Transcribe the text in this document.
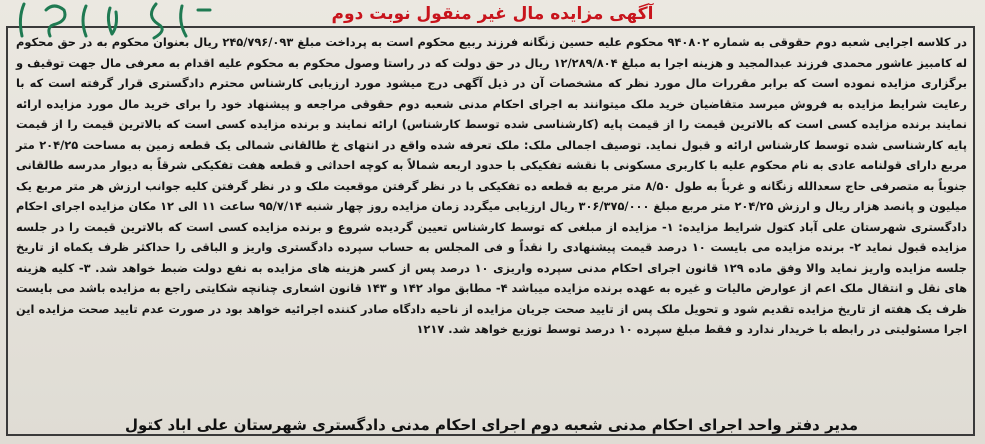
آگهی مزایده مال غیر منقول نوبت دوم
در کلاسه اجرایی شعبه دوم حقوقی به شماره ۹۴۰۸۰۲ محکوم علیه حسین زنگانه فرزند ربیع محکوم است به پرداخت مبلغ ۲۴۵/۷۹۶/۰۹۳ ریال بعنوان محکوم به در حق محکوم له کامبیز عاشور محمدی فرزند عبدالمجید و هزینه اجرا به مبلغ ۱۲/۲۸۹/۸۰۴ ریال در حق دولت که در راستا وصول محکوم به محکوم علیه اقدام به معرفی مال جهت توقیف و برگزاری مزایده نموده است که برابر مقررات مال مورد نظر که مشخصات آن در ذیل آگهی درج میشود مورد ارزیابی کارشناس محترم دادگستری قرار گرفته است که با رعایت شرایط مزایده به فروش میرسد متقاضیان خرید ملک میتوانند به اجرای احکام مدنی شعبه دوم حقوقی مراجعه و پیشنهاد خود را برای خرید مال مورد مزایده ارائه نمایند برنده مزایده کسی است که بالاترین قیمت را از قیمت پایه (کارشناسی شده توسط کارشناس) ارائه نمایند و برنده مزایده کسی است که بالاترین قیمت را از قیمت پایه کارشناسی شده توسط کارشناس ارائه و قبول نماید. توصیف اجمالی ملک: ملک تعرفه شده واقع در انتهای خ طالقانی شمالی یک قطعه زمین به مساحت ۲۰۴/۲۵ متر مربع دارای قولنامه عادی به نام محکوم علیه با کاربری مسکونی با نقشه تفکیکی با حدود اربعه شمالاً به کوچه احداثی و قطعه هفت تفکیکی شرقاً به دیوار مدرسه طالقانی جنوباً به متصرفی حاج سعدالله زنگانه و غرباً به طول ۸/۵۰ متر مربع به قطعه ده تفکیکی با در نظر گرفتن موقعیت ملک و در نظر گرفتن کلیه جوانب ارزش هر متر مربع یک میلیون و پانصد هزار ریال و ارزش ۲۰۴/۲۵ متر مربع مبلغ ۳۰۶/۳۷۵/۰۰۰ ریال ارزیابی میگردد زمان مزایده روز چهار شنبه ۹۵/۷/۱۴ ساعت ۱۱ الی ۱۲ مکان مزایده اجرای احکام دادگستری شهرستان علی آباد کتول شرایط مزایده: ۱- مزایده از مبلغی که توسط کارشناس تعیین گردیده شروع و برنده مزایده کسی است که بالاترین قیمت را در جلسه مزایده قبول نماید ۲- برنده مزایده می بایست ۱۰ درصد قیمت پیشنهادی را نقداً و فی المجلس به حساب سپرده دادگستری واریز و الباقی را حداکثر ظرف یکماه از تاریخ جلسه مزایده واریز نماید والا وفق ماده ۱۲۹ قانون اجرای احکام مدنی سپرده واریزی ۱۰ درصد پس از کسر هزینه های مزایده به نفع دولت ضبط خواهد شد. ۳- کلیه هزینه های نقل و انتقال ملک اعم از عوارض مالیات و غیره به عهده برنده مزایده میباشد ۴- مطابق مواد ۱۴۲ و ۱۴۳ قانون اشعاری چنانچه شکایتی راجع به مزایده باشد می بایست ظرف یک هفته از تاریخ مزایده تقدیم شود و تحویل ملک پس از تایید صحت جریان مزایده از ناحیه دادگاه صادر کننده اجرائیه خواهد بود در صورت عدم تایید صحت مزایده این اجرا مسئولیتی در رابطه با خریدار ندارد و فقط مبلغ سپرده ۱۰ درصد توسط توزیع خواهد شد. ۱۲۱۷
مدیر دفتر واحد اجرای احکام مدنی شعبه دوم اجرای احکام مدنی دادگستری شهرستان علی اباد کتول
